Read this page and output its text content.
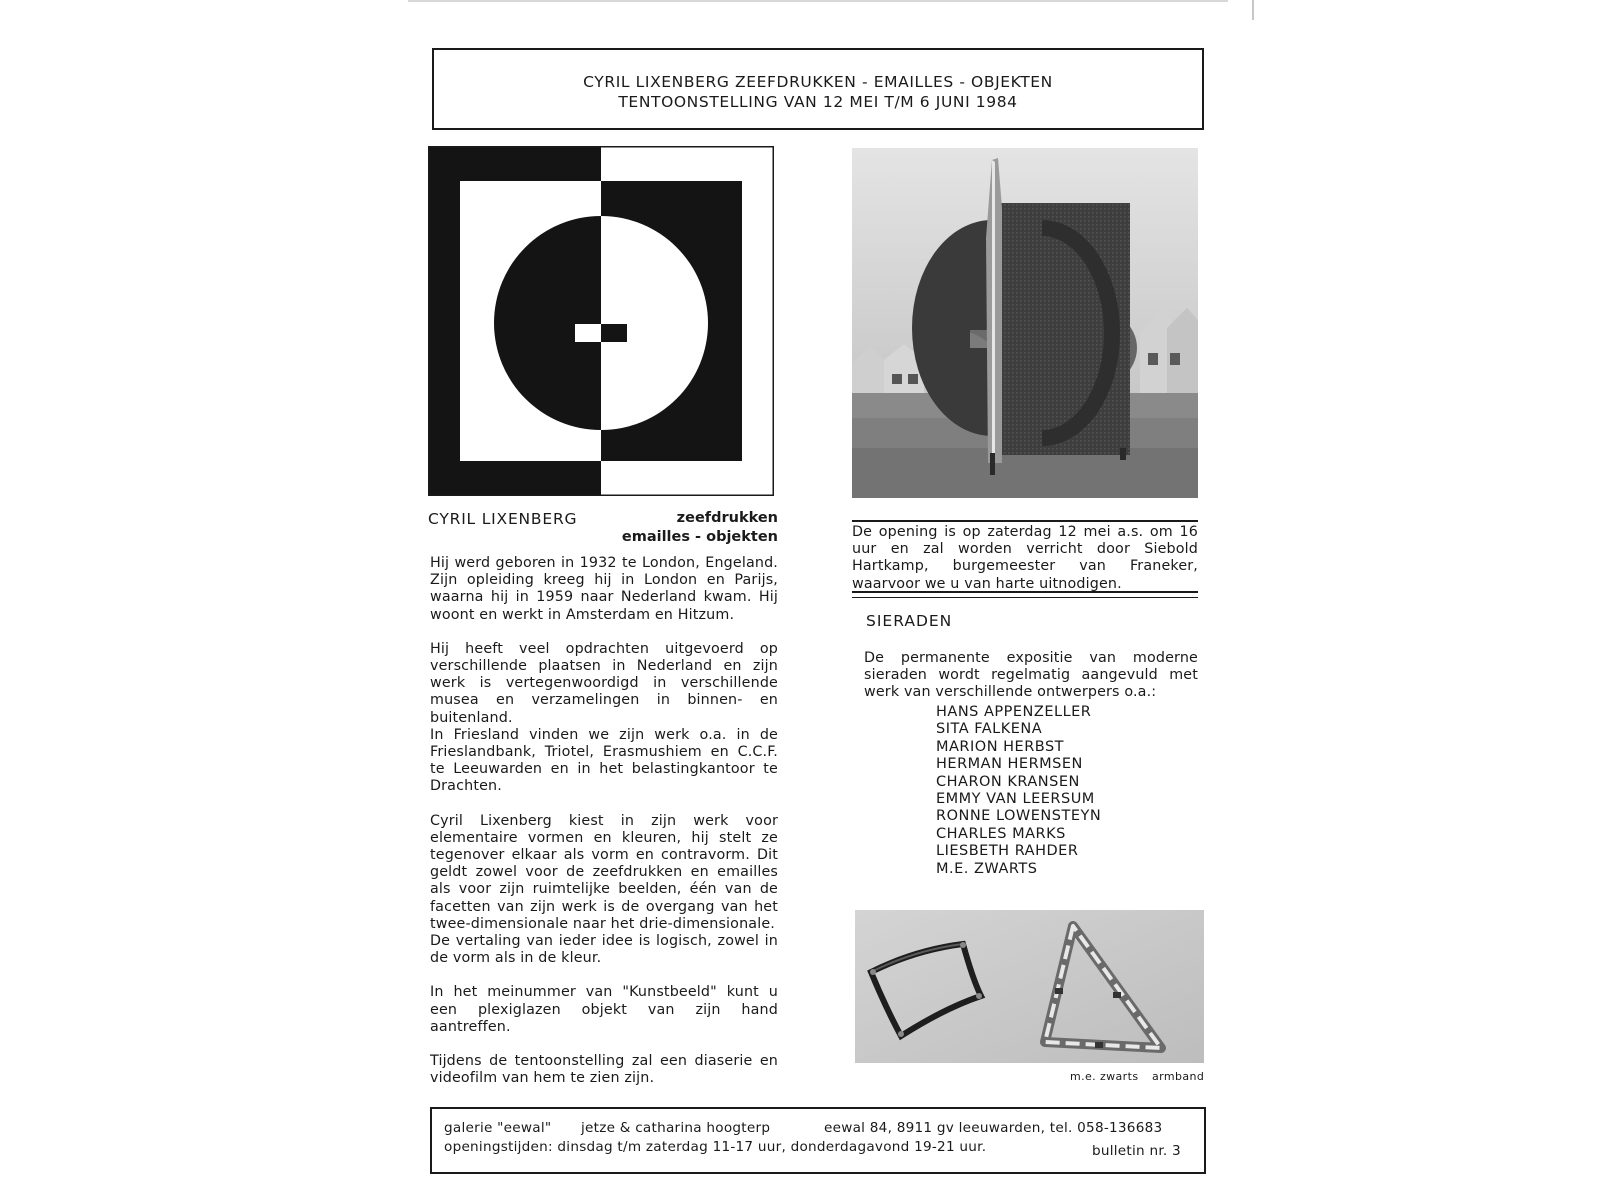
CYRIL LIXENBERG ZEEFDRUKKEN - EMAILLES - OBJEKTEN
TENTOONSTELLING VAN 12 MEI T/M 6 JUNI 1984
CYRIL LIXENBERG	zeefdrukken
emailles - objekten

Hij werd geboren in 1932 te London, Engeland. Zijn opleiding kreeg hij in London en Parijs, waarna hij in 1959 naar Nederland kwam. Hij woont en werkt in Amsterdam en Hitzum.

Hij heeft veel opdrachten uitgevoerd op verschillende plaatsen in Nederland en zijn werk is vertegenwoordigd in verschillende musea en verzamelingen in binnen- en buitenland.

In Friesland vinden we zijn werk o.a. in de Frieslandbank, Triotel, Erasmushiem en C.C.F. te Leeuwarden en in het belastingkantoor te Drachten.

Cyril Lixenberg kiest in zijn werk voor elementaire vormen en kleuren, hij stelt ze tegenover elkaar als vorm en contravorm. Dit geldt zowel voor de zeefdrukken en emailles als voor zijn ruimtelijke beelden, één van de facetten van zijn werk is de overgang van het twee-dimensionale naar het drie-dimensionale.

De vertaling van ieder idee is logisch, zowel in de vorm als in de kleur.

In het meinummer van "Kunstbeeld" kunt u een plexiglazen objekt van zijn hand aantreffen.

Tijdens de tentoonstelling zal een diaserie en videofilm van hem te zien zijn.

De opening is op zaterdag 12 mei a.s. om 16 uur en zal worden verricht door Siebold Hartkamp, burgemeester van Franeker, waarvoor we u van harte uitnodigen.
SIERADEN
De permanente expositie van moderne sieraden wordt regelmatig aangevuld met werk van verschillende ontwerpers o.a.:
HANS APPENZELLER
SITA FALKENA
MARION HERBST
HERMAN HERMSEN
CHARON KRANSEN
EMMY VAN LEERSUM
RONNE LOWENSTEYN
CHARLES MARKS
LIESBETH RAHDER
M.E. ZWARTS
m.e. zwarts armband
galerie "eewal" jetze & catharina hoogterp	eewal 84, 8911 gv leeuwarden, tel. 058-136683
openingstijden: dinsdag t/m zaterdag 11-17 uur, donderdagavond 19-21 uur.	bulletin nr. 3
